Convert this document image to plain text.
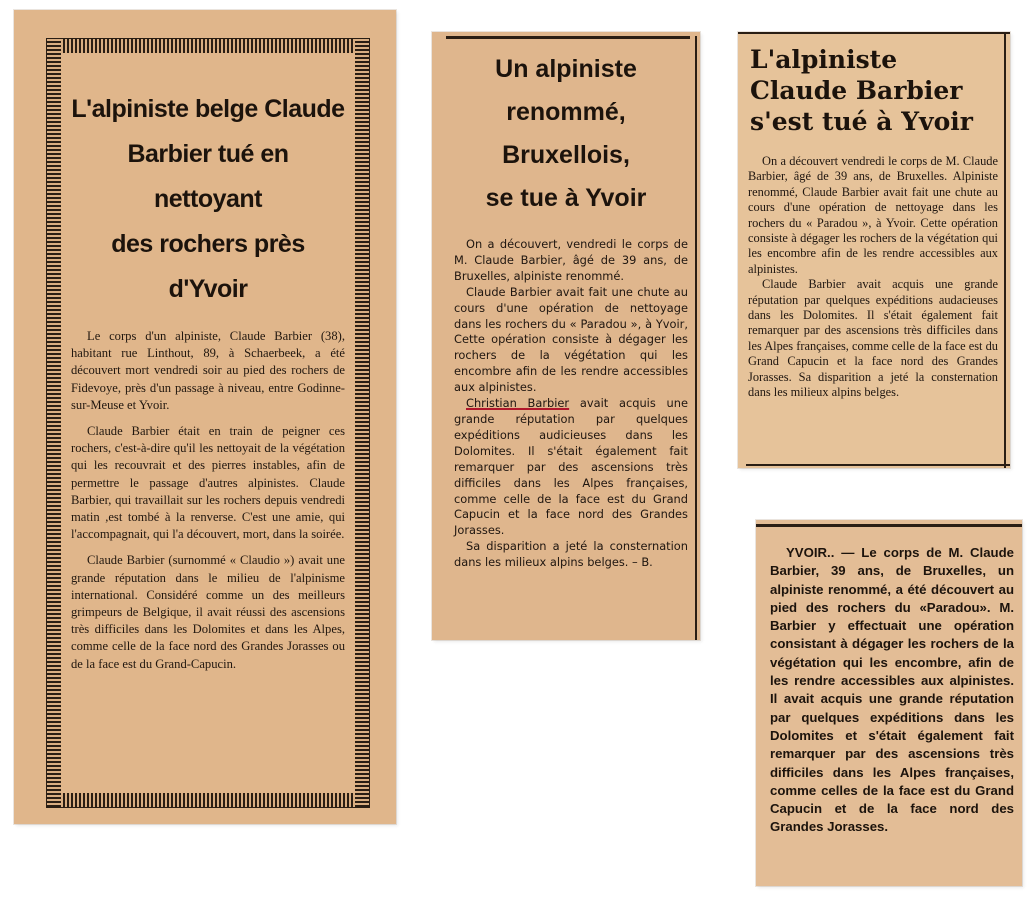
L'alpiniste belge Claude
Barbier tué en nettoyant
des rochers près d'Yvoir

Le corps d'un alpiniste, Claude Barbier (38), habitant rue Linthout, 89, à Schaerbeek, a été découvert mort vendredi soir au pied des rochers de Fidevoye, près d'un passage à niveau, entre Godinne-sur-Meuse et Yvoir.

Claude Barbier était en train de peigner ces rochers, c'est-à-dire qu'il les nettoyait de la végétation qui les recouvrait et des pierres instables, afin de permettre le passage d'autres alpinistes. Claude Barbier, qui travaillait sur les rochers depuis vendredi matin ,est tombé à la renverse. C'est une amie, qui l'accompagnait, qui l'a découvert, mort, dans la soirée.

Claude Barbier (surnommé « Claudio ») avait une grande réputation dans le milieu de l'alpinisme international. Considéré comme un des meilleurs grimpeurs de Belgique, il avait réussi des ascensions très difficiles dans les Dolomites et dans les Alpes, comme celle de la face nord des Grandes Jorasses ou de la face est du Grand-Capucin.

Un alpiniste
renommé,
Bruxellois,
se tue à Yvoir

On a découvert, vendredi le corps de M. Claude Barbier, âgé de 39 ans, de Bruxelles, alpiniste renommé.

Claude Barbier avait fait une chute au cours d'une opération de nettoyage dans les rochers du « Paradou », à Yvoir, Cette opération consiste à dégager les rochers de la végétation qui les encombre afin de les rendre accessibles aux alpinistes.

Christian Barbier avait acquis une grande réputation par quelques expéditions audicieuses dans les Dolomites. Il s'était également fait remarquer par des ascensions très difficiles dans les Alpes françaises, comme celle de la face est du Grand Capucin et la face nord des Grandes Jorasses.

Sa disparition a jeté la consternation dans les milieux alpins belges. – B.

L'alpiniste
Claude Barbier
s'est tué à Yvoir

On a découvert vendredi le corps de M. Claude Barbier, âgé de 39 ans, de Bruxelles. Alpiniste renommé, Claude Barbier avait fait une chute au cours d'une opération de nettoyage dans les rochers du « Paradou », à Yvoir. Cette opération consiste à dégager les rochers de la végétation qui les encombre afin de les rendre accessibles aux alpinistes.

Claude Barbier avait acquis une grande réputation par quelques expéditions audacieuses dans les Dolomites. Il s'était également fait remarquer par des ascensions très difficiles dans les Alpes françaises, comme celle de la face est du Grand Capucin et la face nord des Grandes Jorasses. Sa disparition a jeté la consternation dans les milieux alpins belges.

YVOIR.. — Le corps de M. Claude Barbier, 39 ans, de Bruxelles, un alpiniste renommé, a été découvert au pied des rochers du «Paradou». M. Barbier y effectuait une opération consistant à dégager les rochers de la végétation qui les encombre, afin de les rendre accessibles aux alpinistes. Il avait acquis une grande réputation par quelques expéditions dans les Dolomites et s'était également fait remarquer par des ascensions très difficiles dans les Alpes françaises, comme celles de la face est du Grand Capucin et de la face nord des Grandes Jorasses.
